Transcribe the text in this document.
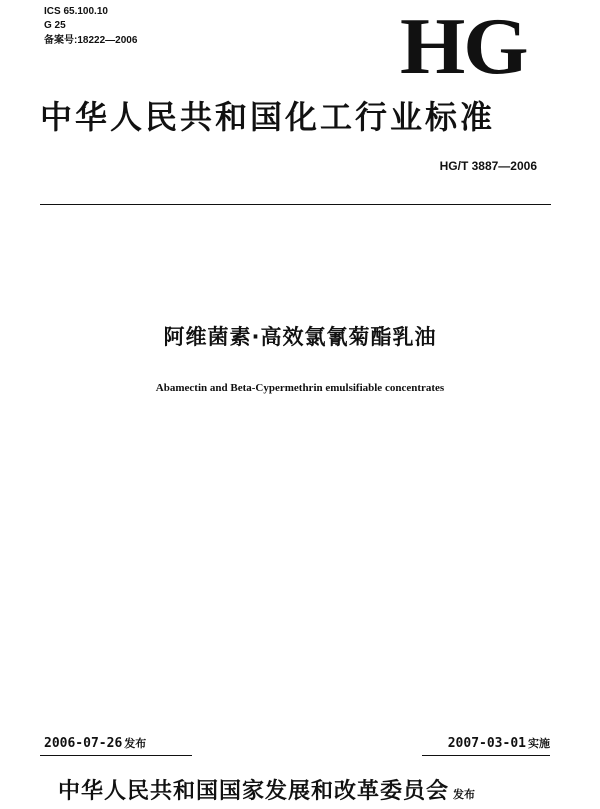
ICS 65.100.10
G 25
备案号:18222—2006	HG
中华人民共和国化工行业标准
HG/T 3887—2006
阿维菌素·高效氯氰菊酯乳油
Abamectin and Beta-Cypermethrin emulsifiable concentrates
2006-07-26 发布	2007-03-01 实施
中华人民共和国国家发展和改革委员会 发布
